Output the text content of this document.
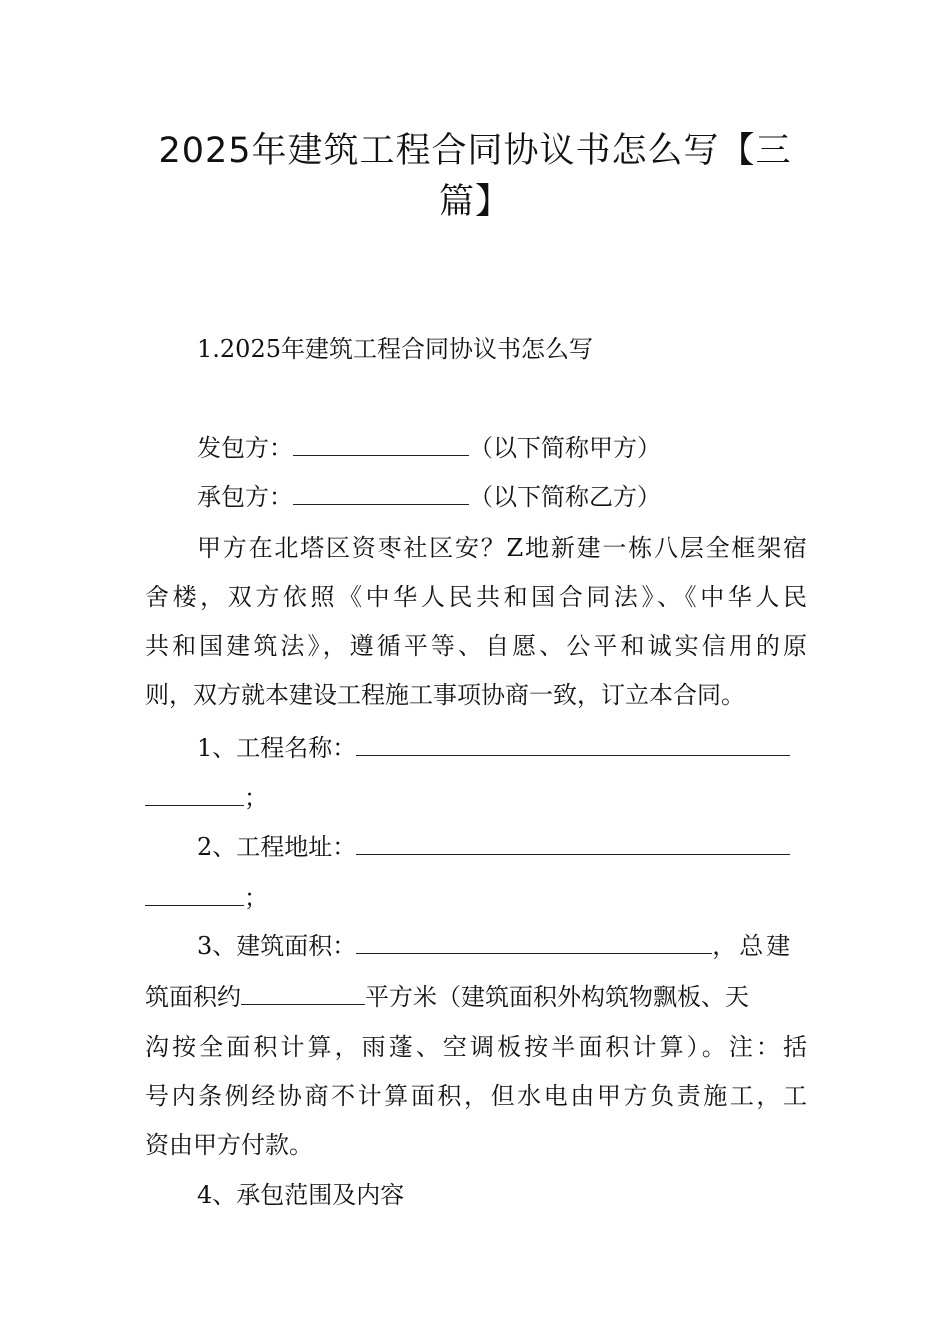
2025年建筑工程合同协议书怎么写【三
篇】
1.2025年建筑工程合同协议书怎么写
发包方：	（以下简称甲方）
承包方：	（以下简称乙方）
甲方在北塔区资枣社区安？Z地新建一栋八层全框架宿
舍楼，双方依照《中华人民共和国合同法》、《中华人民
共和国建筑法》，遵循平等、自愿、公平和诚实信用的原
则，双方就本建设工程施工事项协商一致，订立本合同。
1、工程名称：
；
2、工程地址：
；
3、建筑面积：	，总建
筑面积约	平方米（建筑面积外构筑物飘板、天
沟按全面积计算，雨蓬、空调板按半面积计算）。注：括
号内条例经协商不计算面积，但水电由甲方负责施工，工
资由甲方付款。
4、承包范围及内容
